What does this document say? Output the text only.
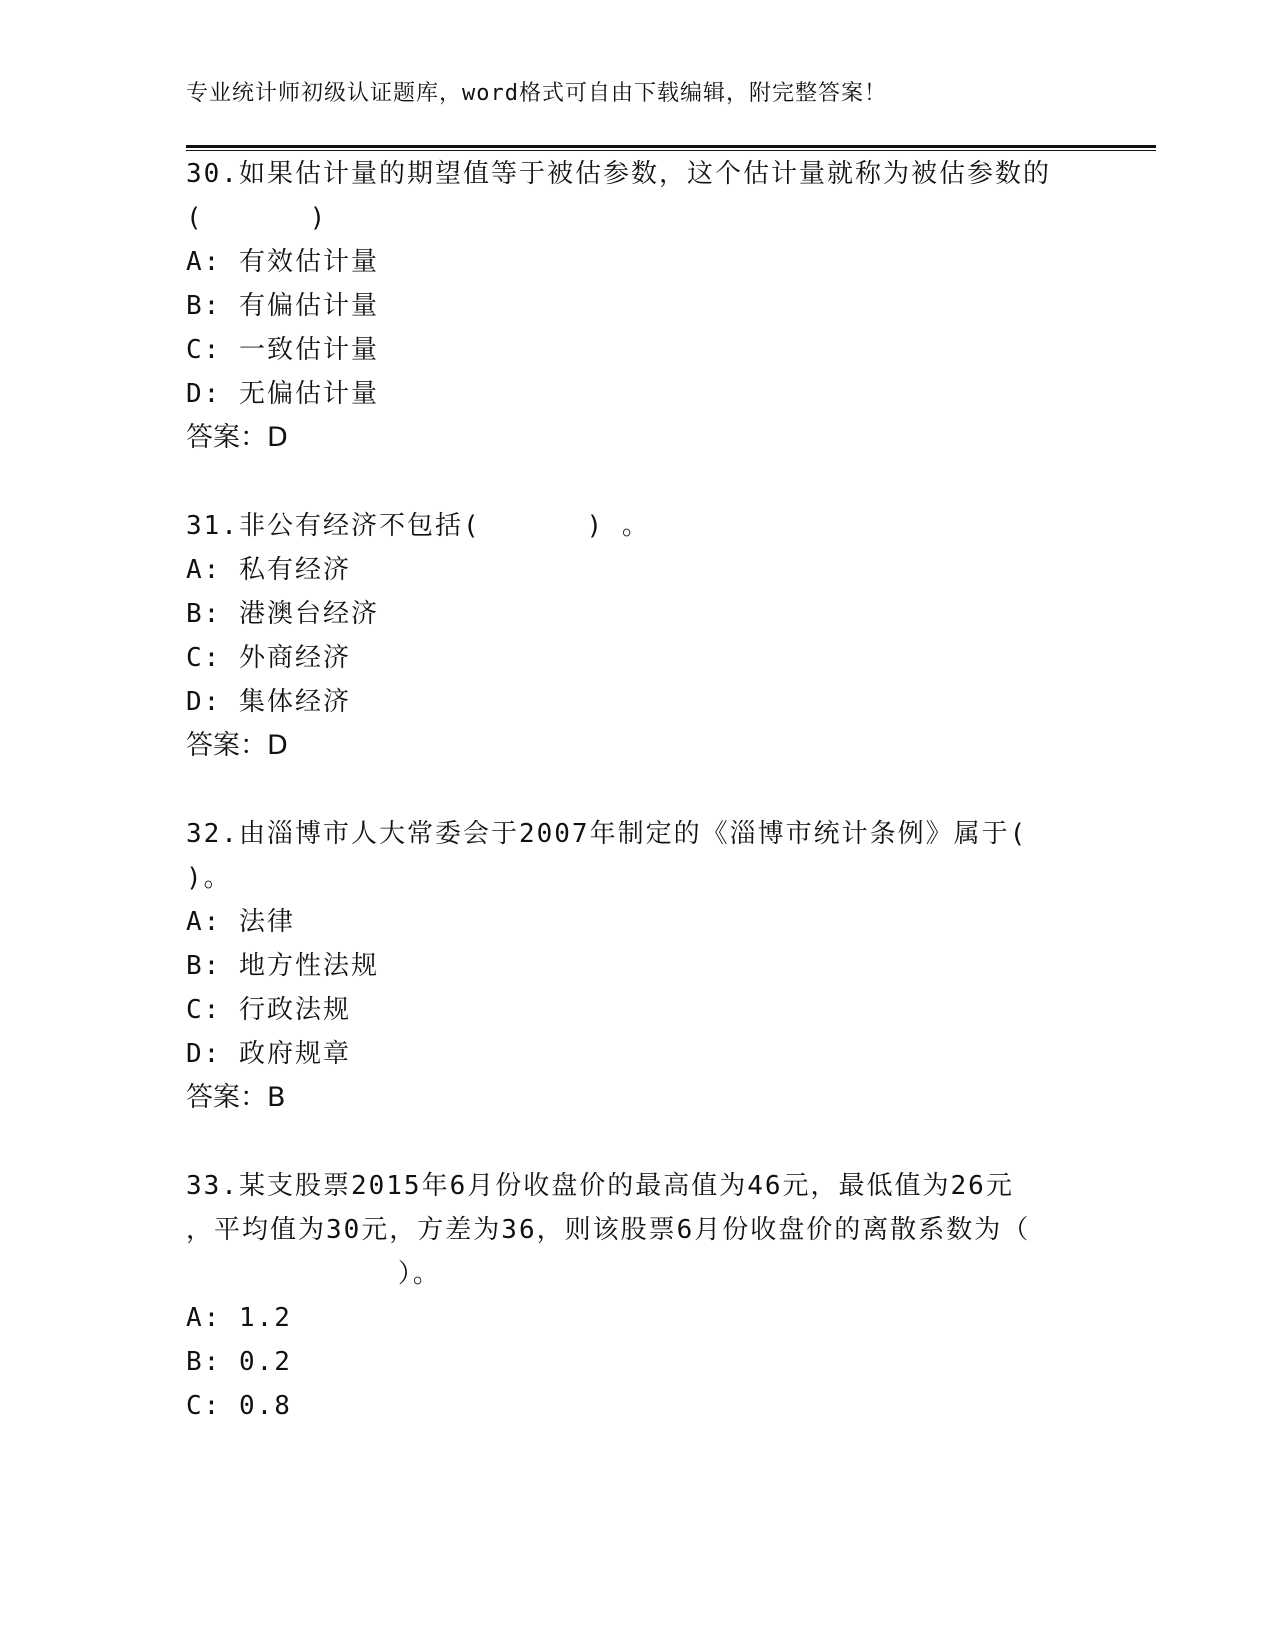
专业统计师初级认证题库，word格式可自由下载编辑，附完整答案！
30.如果估计量的期望值等于被估参数，这个估计量就称为被估参数的
(      )
A: 有效估计量
B: 有偏估计量
C: 一致估计量
D: 无偏估计量
答案：D
31.非公有经济不包括(      ) 。
A: 私有经济
B: 港澳台经济
C: 外商经济
D: 集体经济
答案：D
32.由淄博市人大常委会于2007年制定的《淄博市统计条例》属于(
)。
A: 法律
B: 地方性法规
C: 行政法规
D: 政府规章
答案：B
33.某支股票2015年6月份收盘价的最高值为46元，最低值为26元
，平均值为30元，方差为36，则该股票6月份收盘价的离散系数为（
）。
A: 1.2
B: 0.2
C: 0.8
